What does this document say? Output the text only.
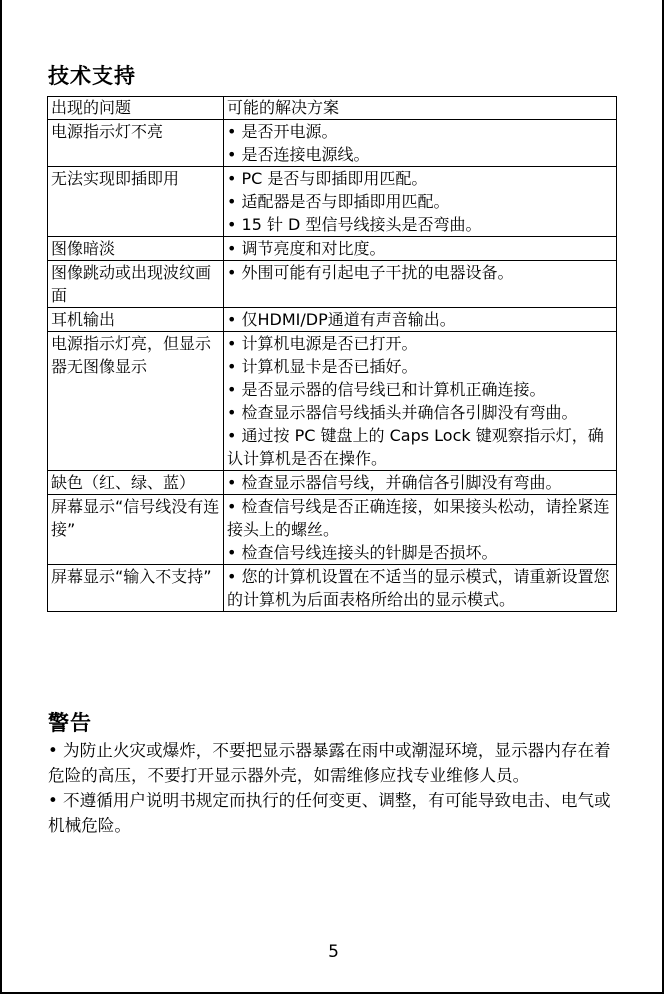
技术支持
出现的问题	可能的解决方案
电源指示灯不亮	• 是否开电源。
• 是否连接电源线。

无法实现即插即用	• PC 是否与即插即用匹配。
• 适配器是否与即插即用匹配。
• 15 针 D 型信号线接头是否弯曲。

图像暗淡	• 调节亮度和对比度。

图像跳动或出现波纹画面	• 外围可能有引起电子干扰的电器设备。

耳机输出	• 仅HDMI/DP通道有声音输出。

电源指示灯亮，但显示器无图像显示	• 计算机电源是否已打开。
• 计算机显卡是否已插好。
• 是否显示器的信号线已和计算机正确连接。
• 检查显示器信号线插头并确信各引脚没有弯曲。
• 通过按 PC 键盘上的 Caps Lock 键观察指示灯，确认计算机是否在操作。

缺色（红、绿、蓝）	• 检查显示器信号线，并确信各引脚没有弯曲。

屏幕显示“信号线没有连接”	• 检查信号线是否正确连接，如果接头松动，请拴紧连接头上的螺丝。
• 检查信号线连接头的针脚是否损坏。

屏幕显示“输入不支持”	• 您的计算机设置在不适当的显示模式，请重新设置您的计算机为后面表格所给出的显示模式。
警告

• 为防止火灾或爆炸，不要把显示器暴露在雨中或潮湿环境，显示器内存在着危险的高压，不要打开显示器外壳，如需维修应找专业维修人员。

• 不遵循用户说明书规定而执行的任何变更、调整，有可能导致电击、电气或机械危险。

5
